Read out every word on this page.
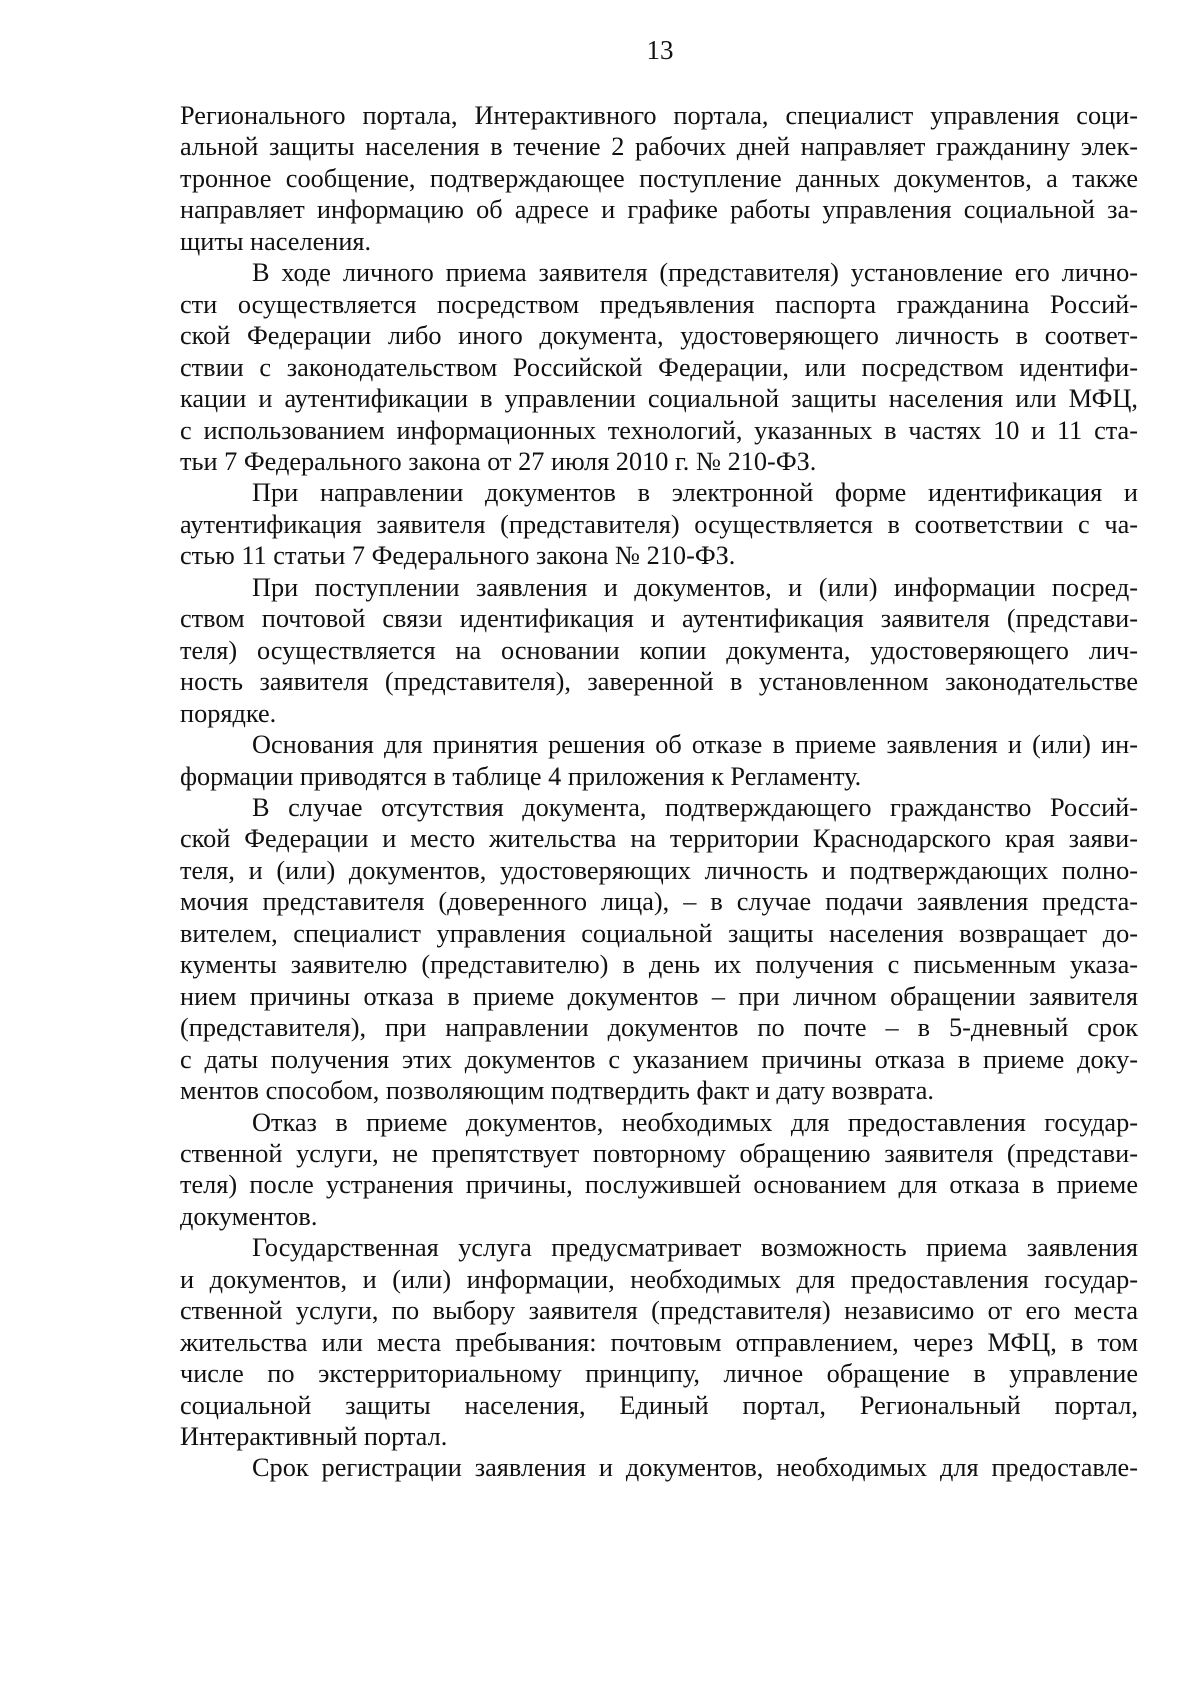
13

Регионального портала, Интерактивного портала, специалист управления соци-
альной защиты населения в течение 2 рабочих дней направляет гражданину элек-
тронное сообщение, подтверждающее поступление данных документов, а также
направляет информацию об адресе и графике работы управления социальной за-
щиты населения.

В ходе личного приема заявителя (представителя) установление его лично-
сти осуществляется посредством предъявления паспорта гражданина Россий-
ской Федерации либо иного документа, удостоверяющего личность в соответ-
ствии с законодательством Российской Федерации, или посредством идентифи-
кации и аутентификации в управлении социальной защиты населения или МФЦ,
с использованием информационных технологий, указанных в частях 10 и 11 ста-
тьи 7 Федерального закона от 27 июля 2010 г. № 210-ФЗ.

При направлении документов в электронной форме идентификация и
аутентификация заявителя (представителя) осуществляется в соответствии с ча-
стью 11 статьи 7 Федерального закона № 210-ФЗ.

При поступлении заявления и документов, и (или) информации посред-
ством почтовой связи идентификация и аутентификация заявителя (представи-
теля) осуществляется на основании копии документа, удостоверяющего лич-
ность заявителя (представителя), заверенной в установленном законодательстве
порядке.

Основания для принятия решения об отказе в приеме заявления и (или) ин-
формации приводятся в таблице 4 приложения к Регламенту.

В случае отсутствия документа, подтверждающего гражданство Россий-
ской Федерации и место жительства на территории Краснодарского края заяви-
теля, и (или) документов, удостоверяющих личность и подтверждающих полно-
мочия представителя (доверенного лица), – в случае подачи заявления предста-
вителем, специалист управления социальной защиты населения возвращает до-
кументы заявителю (представителю) в день их получения с письменным указа-
нием причины отказа в приеме документов – при личном обращении заявителя
(представителя), при направлении документов по почте – в 5-дневный срок
с даты получения этих документов с указанием причины отказа в приеме доку-
ментов способом, позволяющим подтвердить факт и дату возврата.

Отказ в приеме документов, необходимых для предоставления государ-
ственной услуги, не препятствует повторному обращению заявителя (представи-
теля) после устранения причины, послужившей основанием для отказа в приеме
документов.

Государственная услуга предусматривает возможность приема заявления
и документов, и (или) информации, необходимых для предоставления государ-
ственной услуги, по выбору заявителя (представителя) независимо от его места
жительства или места пребывания: почтовым отправлением, через МФЦ, в том
числе по экстерриториальному принципу, личное обращение в управление
социальной защиты населения, Единый портал, Региональный портал,
Интерактивный портал.

Срок регистрации заявления и документов, необходимых для предоставле-
